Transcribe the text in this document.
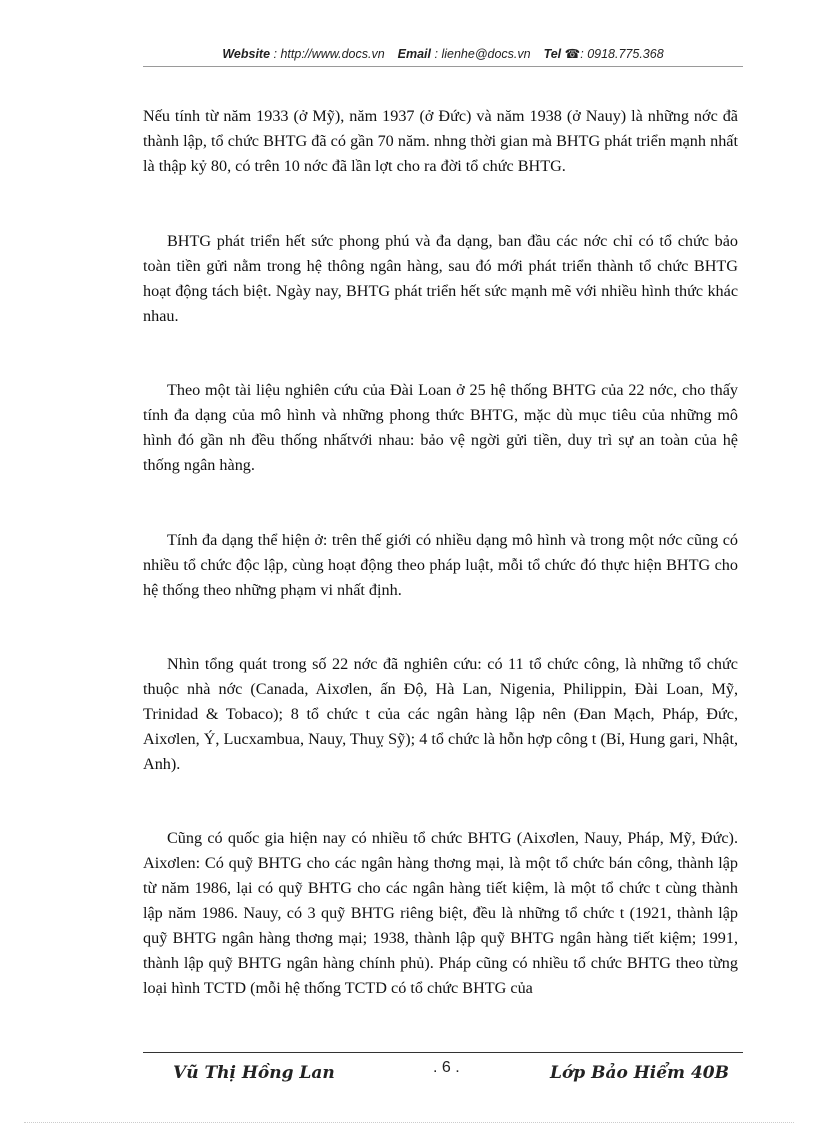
Website : http://www.docs.vn Email : lienhe@docs.vn Tel ☎: 0918.775.368

Nếu tính từ năm 1933 (ở Mỹ), năm 1937 (ở Đức) và năm 1938 (ở Nauy) là những nớc đã thành lập, tổ chức BHTG đã có gần 70 năm. nhng thời gian mà BHTG phát triển mạnh nhất là thập kỷ 80, có trên 10 nớc đã lần lợt cho ra đời tổ chức BHTG.

BHTG phát triển hết sức phong phú và đa dạng, ban đầu các nớc chỉ có tổ chức bảo toàn tiền gửi nằm trong hệ thông ngân hàng, sau đó mới phát triển thành tổ chức BHTG hoạt động tách biệt. Ngày nay, BHTG phát triển hết sức mạnh mẽ với nhiều hình thức khác nhau.

Theo một tài liệu nghiên cứu của Đài Loan ở 25 hệ thống BHTG của 22 nớc, cho thấy tính đa dạng của mô hình và những phong thức BHTG, mặc dù mục tiêu của những mô hình đó gần nh đều thống nhấtvới nhau: bảo vệ ngời gửi tiền, duy trì sự an toàn của hệ thống ngân hàng.

Tính đa dạng thể hiện ở: trên thế giới có nhiều dạng mô hình và trong một nớc cũng có nhiều tổ chức độc lập, cùng hoạt động theo pháp luật, mỗi tổ chức đó thực hiện BHTG cho hệ thống theo những phạm vi nhất định.

Nhìn tổng quát trong số 22 nớc đã nghiên cứu: có 11 tổ chức công, là những tổ chức thuộc nhà nớc (Canada, Aixơlen, ấn Độ, Hà Lan, Nigenia, Philippin, Đài Loan, Mỹ, Trinidad & Tobaco); 8 tổ chức t của các ngân hàng lập nên (Đan Mạch, Pháp, Đức, Aixơlen, Ý, Lucxambua, Nauy, Thuỵ Sỹ); 4 tổ chức là hỗn hợp công t (Bỉ, Hung gari, Nhật, Anh).

Cũng có quốc gia hiện nay có nhiều tổ chức BHTG (Aixơlen, Nauy, Pháp, Mỹ, Đức). Aixơlen: Có quỹ BHTG cho các ngân hàng thơng mại, là một tổ chức bán công, thành lập từ năm 1986, lại có quỹ BHTG cho các ngân hàng tiết kiệm, là một tổ chức t cùng thành lập năm 1986. Nauy, có 3 quỹ BHTG riêng biệt, đều là những tổ chức t (1921, thành lập quỹ BHTG ngân hàng thơng mại; 1938, thành lập quỹ BHTG ngân hàng tiết kiệm; 1991, thành lập quỹ BHTG ngân hàng chính phủ). Pháp cũng có nhiều tổ chức BHTG theo từng loại hình TCTD (mỗi hệ thống TCTD có tổ chức BHTG của

Vũ Thị Hồng Lan	. 6 .	Lớp Bảo Hiểm 40B
